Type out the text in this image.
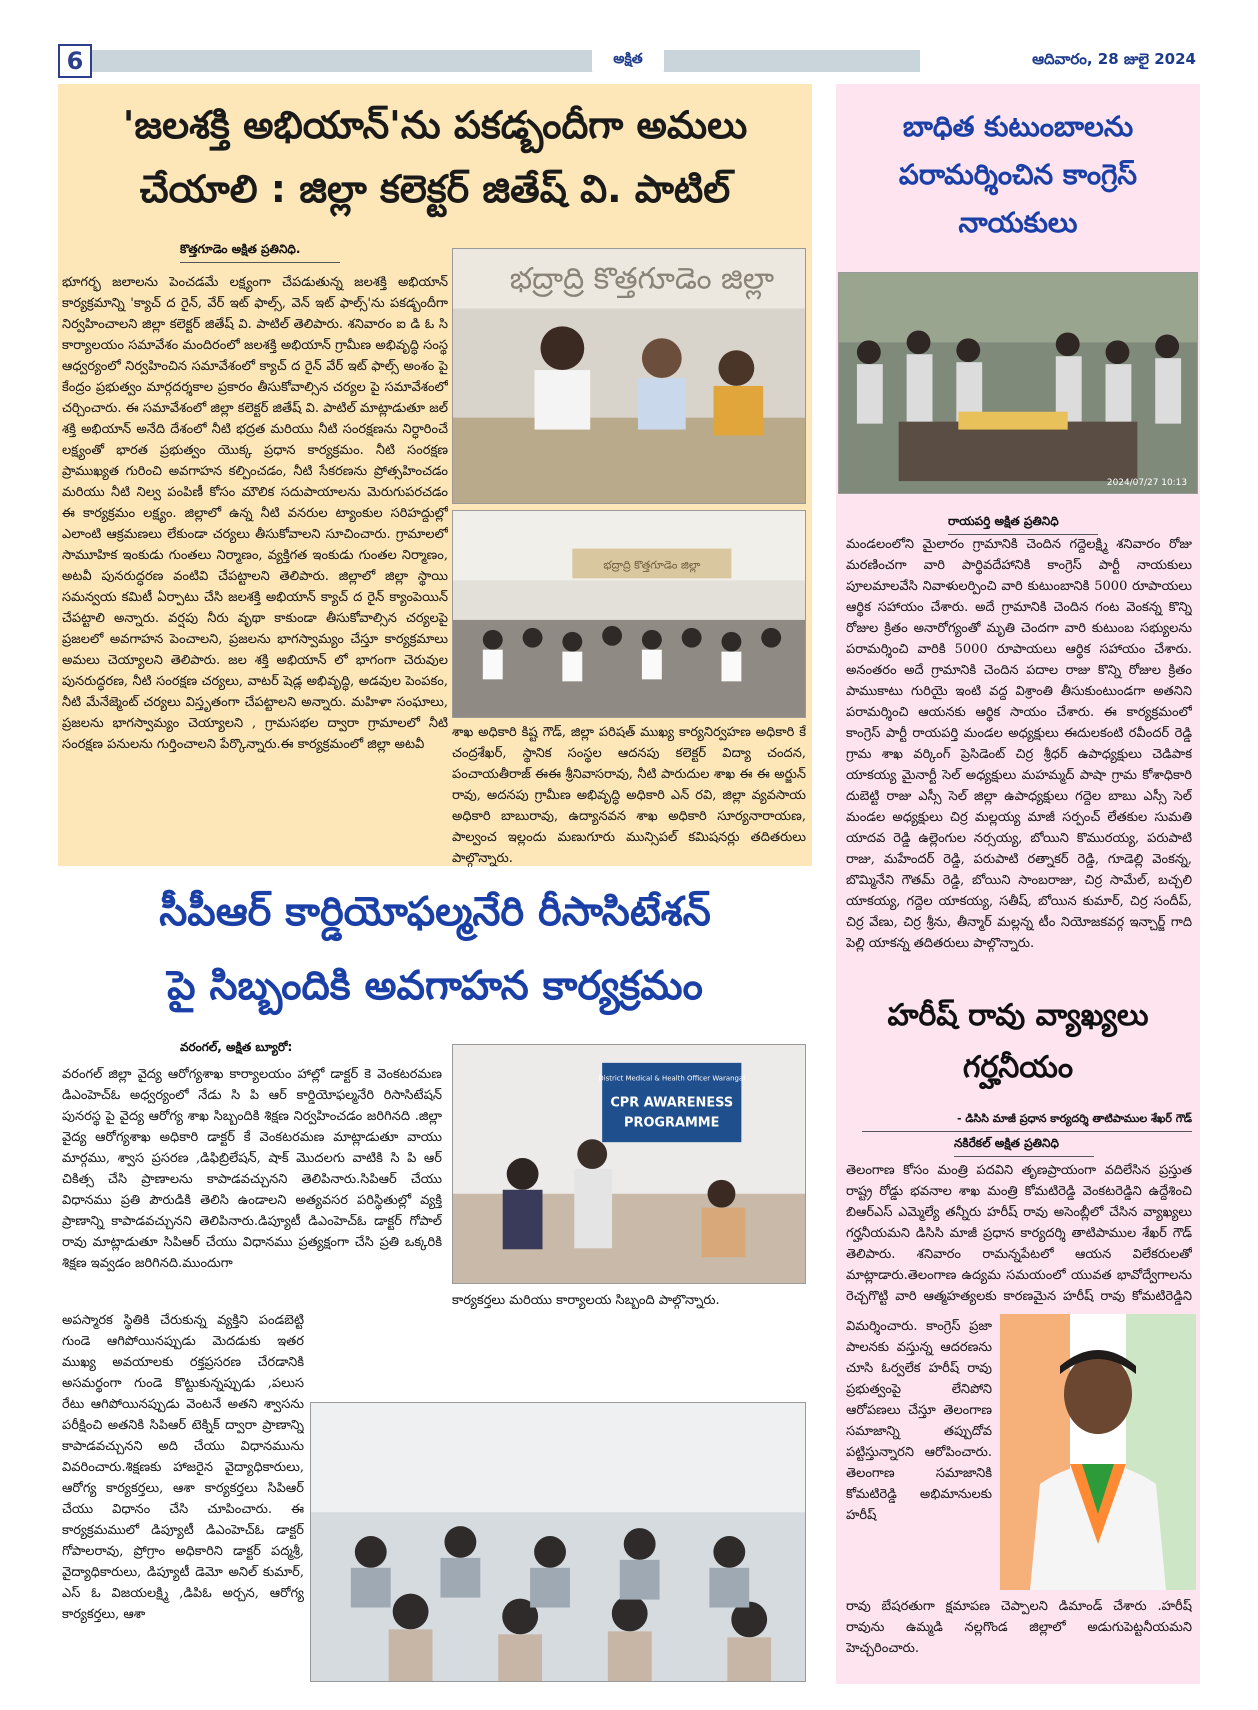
6	అక్షిత	ఆదివారం, 28 జులై 2024
'జలశక్తి అభియాన్'ను పకడ్బందీగా అమలు
చేయాలి : జిల్లా కలెక్టర్ జితేష్ వి. పాటిల్
కొత్తగూడెం అక్షిత ప్రతినిధి.
భూగర్భ జలాలను పెంచడమే లక్ష్యంగా చేపడుతున్న జలశక్తి అభియాన్ కార్యక్రమాన్ని 'క్యాచ్ ద రైన్, వేర్ ఇట్ ఫాల్స్, వెన్ ఇట్ ఫాల్స్'ను పకడ్బందీగా నిర్వహించాలని జిల్లా కలెక్టర్ జితేష్ వి. పాటిల్ తెలిపారు. శనివారం ఐ డి ఓ సి కార్యాలయం సమావేశం మందిరంలో జలశక్తి అభియాన్ గ్రామీణ అభివృద్ధి సంస్థ ఆధ్వర్యంలో నిర్వహించిన సమావేశంలో క్యాచ్ ద రైన్ వేర్ ఇట్ ఫాల్స్ అంశం పై కేంద్రం ప్రభుత్వం మార్గదర్శకాల ప్రకారం తీసుకోవాల్సిన చర్యల పై సమావేశంలో చర్చించారు. ఈ సమావేశంలో జిల్లా కలెక్టర్ జితేష్ వి. పాటిల్ మాట్లాడుతూ జల్ శక్తి అభియాన్ అనేది దేశంలో నీటి భద్రత మరియు నీటి సంరక్షణను నిర్ధారించే లక్ష్యంతో భారత ప్రభుత్వం యొక్క ప్రధాన కార్యక్రమం. నీటి సంరక్షణ ప్రాముఖ్యత గురించి అవగాహన కల్పించడం, నీటి సేకరణను ప్రోత్సహించడం మరియు నీటి నిల్వ పంపిణీ కోసం మౌలిక సదుపాయాలను మెరుగుపరచడం ఈ కార్యక్రమం లక్ష్యం. జిల్లాలో ఉన్న నీటి వనరుల ట్యాంకుల సరిహద్దుల్లో ఎలాంటి ఆక్రమణలు లేకుండా చర్యలు తీసుకోవాలని సూచించారు. గ్రామాలలో సామూహిక ఇంకుడు గుంతలు నిర్మాణం, వ్యక్తిగత ఇంకుడు గుంతల నిర్మాణం, అటవీ పునరుద్ధరణ వంటివి చేపట్టాలని తెలిపారు. జిల్లాలో జిల్లా స్థాయి సమన్వయ కమిటీ ఏర్పాటు చేసి జలశక్తి అభియాన్ క్యాచ్ ద రైన్ క్యాంపెయిన్ చేపట్టాలి అన్నారు. వర్షపు నీరు వృథా కాకుండా తీసుకోవాల్సిన చర్యలపై ప్రజలలో అవగాహన పెంచాలని, ప్రజలను భాగస్వామ్యం చేస్తూ కార్యక్రమాలు అమలు చెయ్యాలని తెలిపారు. జల శక్తి అభియాన్ లో భాగంగా చెరువుల పునరుద్ధరణ, నీటి సంరక్షణ చర్యలు, వాటర్ షెడ్ల అభివృద్ధి, అడవుల పెంపకం, నీటి మేనేజ్మెంట్ చర్యలు విస్తృతంగా చేపట్టాలని అన్నారు. మహిళా సంఘాలు, ప్రజలను భాగస్వామ్యం చెయ్యాలని , గ్రామసభల ద్వారా గ్రామాలలో నీటి సంరక్షణ పనులను గుర్తించాలని పేర్కొన్నారు.ఈ కార్యక్రమంలో జిల్లా అటవీ
భద్రాద్రి కొత్తగూడెం జిల్లా
భద్రాద్రి కొత్తగూడెం జిల్లా
శాఖ అధికారి కిష్ట గౌడ్, జిల్లా పరిషత్ ముఖ్య కార్యనిర్వహణ అధికారి కే చంద్రశేఖర్, స్థానిక సంస్థల ఆదనపు కలెక్టర్ విద్యా చందన, పంచాయతీరాజ్ ఈఈ శ్రీనివాసరావు, నీటి పారుదుల శాఖ ఈ ఈ అర్జున్ రావు, అదనపు గ్రామీణ అభివృద్ధి అధికారి ఎన్ రవి, జిల్లా వ్యవసాయ అధికారి బాబురావు, ఉద్యానవన శాఖ అధికారి సూర్యనారాయణ, పాల్వంచ ఇల్లందు మణుగూరు మున్సిపల్ కమిషనర్లు తదితరులు పాల్గొన్నారు.
సీపీఆర్ కార్డియోఫల్మనేరి రీసాసిటేశన్
పై సిబ్బందికి అవగాహన కార్యక్రమం
వరంగల్, అక్షిత బ్యూరో:
వరంగల్ జిల్లా వైద్య ఆరోగ్యశాఖ కార్యాలయం హాల్లో డాక్టర్ కె వెంకటరమణ డిఎంహెచ్ఓ అధ్వర్యంలో నేడు సి పి ఆర్ కార్డియోఫల్మనేరి రిసాసిటేషన్ పునరస్థ పై వైద్య ఆరోగ్య శాఖ సిబ్బందికి శిక్షణ నిర్వహించడం జరిగినది .జిల్లా వైద్య ఆరోగ్యశాఖ అధికారి డాక్టర్ కే వెంకటరమణ మాట్లాడుతూ వాయు మార్గము, శ్వాస ప్రసరణ ,డిఫిబ్రిలేషన్, షాక్ మొదలగు వాటికి సి పి ఆర్ చికిత్స చేసి ప్రాణాలను కాపాడవచ్చునని తెలిపినారు.సిపిఆర్ చేయు విధానము ప్రతి పౌరుడికి తెలిసి ఉండాలని అత్యవసర పరిస్థితుల్లో వ్యక్తి ప్రాణాన్ని కాపాడవచ్చునని తెలిపినారు.డిప్యూటీ డిఎంహెచ్ఓ డాక్టర్ గోపాల్ రావు మాట్లాడుతూ సిపిఆర్ చేయు విధానము ప్రత్యక్షంగా చేసి ప్రతి ఒక్కరికి శిక్షణ ఇవ్వడం జరిగినది.ముందుగా
District Medical & Health Officer Warangal
CPR AWARENESS
PROGRAMME
కార్యకర్తలు మరియు కార్యాలయ సిబ్బంది పాల్గొన్నారు.
అపస్మారక స్థితికి చేరుకున్న వ్యక్తిని పండబెట్టి గుండె ఆగిపోయినప్పుడు మెదడుకు ఇతర ముఖ్య అవయాలకు రక్తప్రసరణ చేరడానికి అసమర్థంగా గుండె కొట్టుకున్నప్పుడు ,పలుస రేటు ఆగిపోయినప్పుడు వెంటనే అతని శ్వాసను పరీక్షించి అతనికి సిపిఆర్ టెక్నిక్ ద్వారా ప్రాణాన్ని కాపాడవచ్చునని అది చేయు విధానమును వివరించారు.శిక్షణకు హాజరైన వైద్యాధికారులు, ఆరోగ్య కార్యకర్తలు, ఆశా కార్యకర్తలు సిపిఆర్ చేయు విధానం చేసి చూపించారు. ఈ కార్యక్రమములో డిప్యూటీ డిఎంహెచ్ఓ డాక్టర్ గోపాలరావు, ప్రోగ్రాం అధికారిని డాక్టర్ పద్మశ్రీ, వైద్యాధికారులు, డిప్యూటీ డెమో అనిల్ కుమార్, ఎస్ ఓ విజయలక్ష్మి ,డిపిఓ అర్చన, ఆరోగ్య కార్యకర్తలు, ఆశా
బాధిత కుటుంబాలను
పరామర్శించిన కాంగ్రెస్
నాయకులు
2024/07/27 10:13
రాయపర్తి అక్షిత ప్రతినిధి
మండలంలోని మైలారం గ్రామానికి చెందిన గద్దెలక్ష్మి శనివారం రోజు మరణించగా వారి పార్థివదేహానికి కాంగ్రెస్ పార్టీ నాయకులు పూలమాలవేసి నివాళులర్పించి వారి కుటుంబానికి 5000 రూపాయలు ఆర్థిక సహాయం చేశారు. అదే గ్రామానికి చెందిన గంట వెంకన్న కొన్ని రోజుల క్రితం అనారోగ్యంతో మృతి చెందగా వారి కుటుంబ సభ్యులను పరామర్శించి వారికి 5000 రూపాయలు ఆర్థిక సహాయం చేశారు. అనంతరం అదే గ్రామానికి చెందిన పదాల రాజు కొన్ని రోజుల క్రితం పాముకాటు గురియై ఇంటి వద్ద విశ్రాంతి తీసుకుంటుండగా అతనిని పరామర్శించి ఆయనకు ఆర్థిక సాయం చేశారు. ఈ కార్యక్రమంలో కాంగ్రెస్ పార్టీ రాయపర్తి మండల అధ్యక్షులు ఈదులకంటి రవీందర్ రెడ్డి గ్రామ శాఖ వర్కింగ్ ప్రెసిడెంట్ చిర్ర శ్రీధర్ ఉపాధ్యక్షులు చెడిపాక యాకయ్య మైనార్టీ సెల్ అధ్యక్షులు మహమ్మద్ పాషా గ్రామ కోశాధికారి దుబెట్టి రాజు ఎస్సీ సెల్ జిల్లా ఉపాధ్యక్షులు గద్దెల బాబు ఎస్సీ సెల్ మండల అధ్యక్షులు చిర్ర మల్లయ్య మాజీ సర్పంచ్ లేతకుల సుమతి యాదవ రెడ్డి ఉల్లెంగుల నర్సయ్య, బోయిని కొమురయ్య, పరుపాటి రాజు, మహేందర్ రెడ్డి, పరుపాటి రత్నాకర్ రెడ్డి, గూడెల్లి వెంకన్న, బొమ్మినేని గౌతమ్ రెడ్డి, బోయిని సాంబరాజు, చిర్ర సామేల్, బచ్చలి యాకయ్య, గద్దెల యాకయ్య, సతీష్, బోయిన కుమార్, చిర్ర సందీప్, చిర్ర వేణు, చిర్ర శ్రీను, తీన్మార్ మల్లన్న టీం నియోజకవర్గ ఇన్చార్జ్ గాది పెల్లి యాకన్న తదితరులు పాల్గొన్నారు.
హరీష్ రావు వ్యాఖ్యలు
గర్హనీయం
- డిసిసి మాజీ ప్రధాన కార్యదర్శి తాటిపాముల శేఖర్ గౌడ్
నకిరేకల్ అక్షిత ప్రతినిధి
తెలంగాణ కోసం మంత్రి పదవిని తృణప్రాయంగా వదిలేసిన ప్రస్తుత రాష్ట్ర రోడ్డు భవనాల శాఖ మంత్రి కోమటిరెడ్డి వెంకటరెడ్డిని ఉద్దేశించి బిఆర్ఎస్ ఎమ్మెల్యే తన్నీరు హరీష్ రావు అసెంబ్లీలో చేసిన వ్యాఖ్యలు గర్హనీయమని డిసిసి మాజీ ప్రధాన కార్యదర్శి తాటిపాముల శేఖర్ గౌడ్ తెలిపారు. శనివారం రామన్నపేటలో ఆయన విలేకరులతో మాట్లాడారు.తెలంగాణ ఉద్యమ సమయంలో యువత భావోద్వేగాలను రెచ్చగొట్టి వారి ఆత్మహత్యలకు కారణమైన హరీష్ రావు కోమటిరెడ్డిని
విమర్శించారు. కాంగ్రెస్ ప్రజా పాలనకు వస్తున్న ఆదరణను చూసి ఓర్వలేక హరీష్ రావు ప్రభుత్వంపై లేనిపోని ఆరోపణలు చేస్తూ తెలంగాణ సమాజాన్ని తప్పుదోవ పట్టిస్తున్నారని ఆరోపించారు. తెలంగాణ సమాజానికి కోమటిరెడ్డి అభిమానులకు హరీష్
రావు బేషరతుగా క్షమాపణ చెప్పాలని డిమాండ్ చేశారు .హరీష్ రావును ఉమ్మడి నల్లగొండ జిల్లాలో అడుగుపెట్టనీయమని హెచ్చరించారు.
